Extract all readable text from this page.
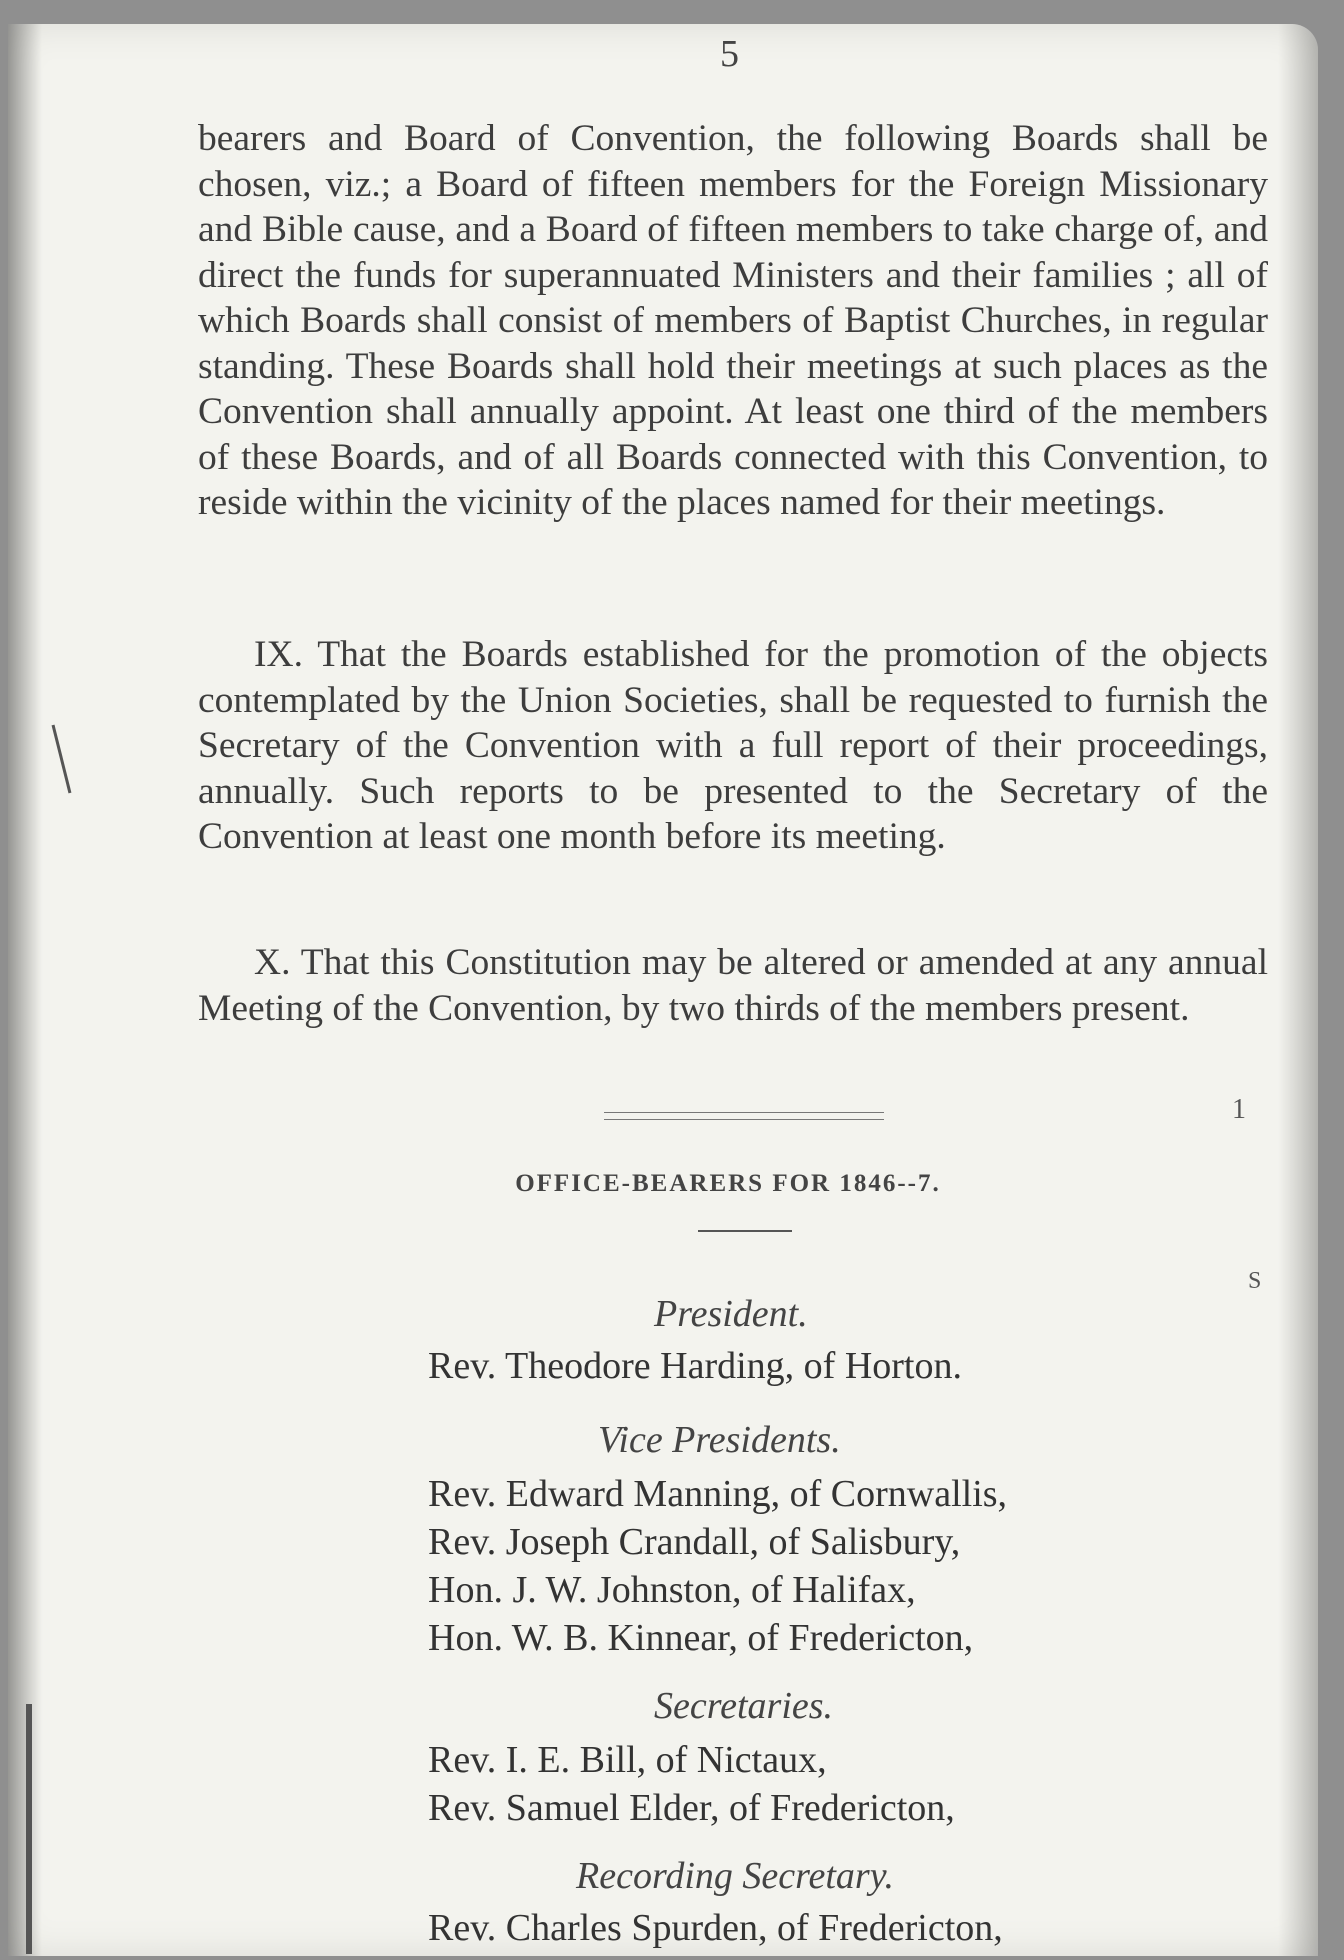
5

bearers and Board of Convention, the following Boards shall be chosen, viz.; a Board of fifteen members for the Foreign Missionary and Bible cause, and a Board of fifteen members to take charge of, and direct the funds for superannuated Ministers and their families ; all of which Boards shall consist of members of Baptist Churches, in regular standing. These Boards shall hold their meetings at such places as the Convention shall annually appoint. At least one third of the members of these Boards, and of all Boards connected with this Convention, to reside within the vicinity of the places named for their meetings.

IX. That the Boards established for the promotion of the objects contemplated by the Union Societies, shall be requested to furnish the Secretary of the Convention with a full report of their proceedings, annually. Such reports to be presented to the Secretary of the Convention at least one month before its meeting.

X. That this Constitution may be altered or amended at any annual Meeting of the Convention, by two thirds of the members present.

1
S

OFFICE-BEARERS FOR 1846--7.

President.

Rev. Theodore Harding, of Horton.

Vice Presidents.

Rev. Edward Manning, of Cornwallis,

Rev. Joseph Crandall, of Salisbury,

Hon. J. W. Johnston, of Halifax,

Hon. W. B. Kinnear, of Fredericton,

Secretaries.

Rev. I. E. Bill, of Nictaux,

Rev. Samuel Elder, of Fredericton,

Recording Secretary.

Rev. Charles Spurden, of Fredericton,
